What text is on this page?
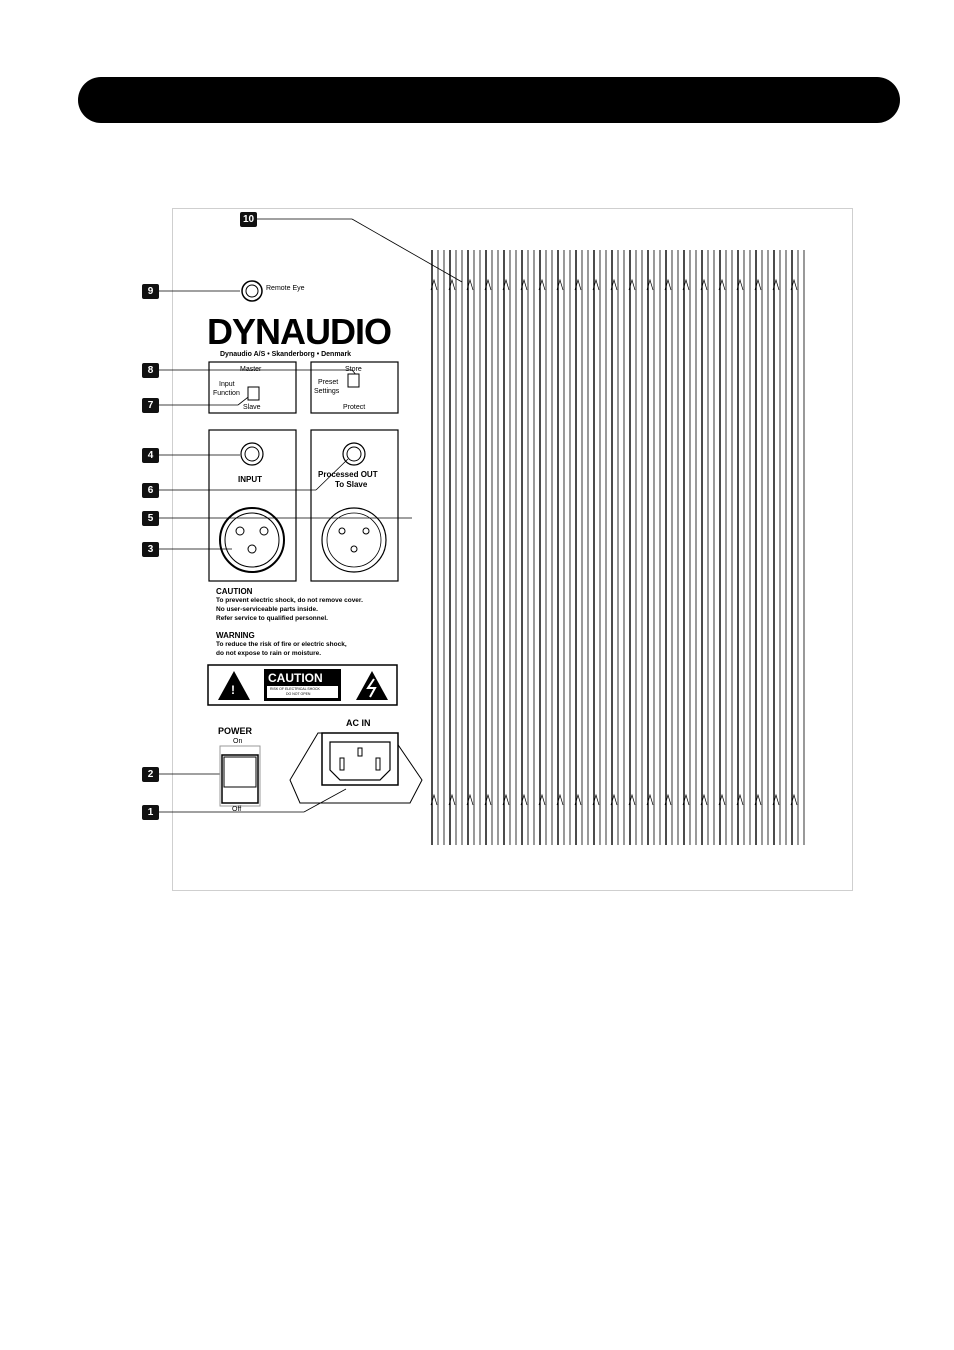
10
9
8
7
4
6
5
3
2
1
Remote Eye
DYNAUDIO
Dynaudio A/S • Skanderborg • Denmark
Master
Input
Function
Slave
Store
Preset
Settings
Protect
INPUT
Processed OUT
To Slave
CAUTION
To prevent electric shock, do not remove cover.
No user-serviceable parts inside.
Refer service to qualified personnel.
WARNING
To reduce the risk of fire or electric shock,
do not expose to rain or moisture.
CAUTION
RISK OF ELECTRICAL SHOCK
DO NOT OPEN
!
POWER
On
Off
AC IN
